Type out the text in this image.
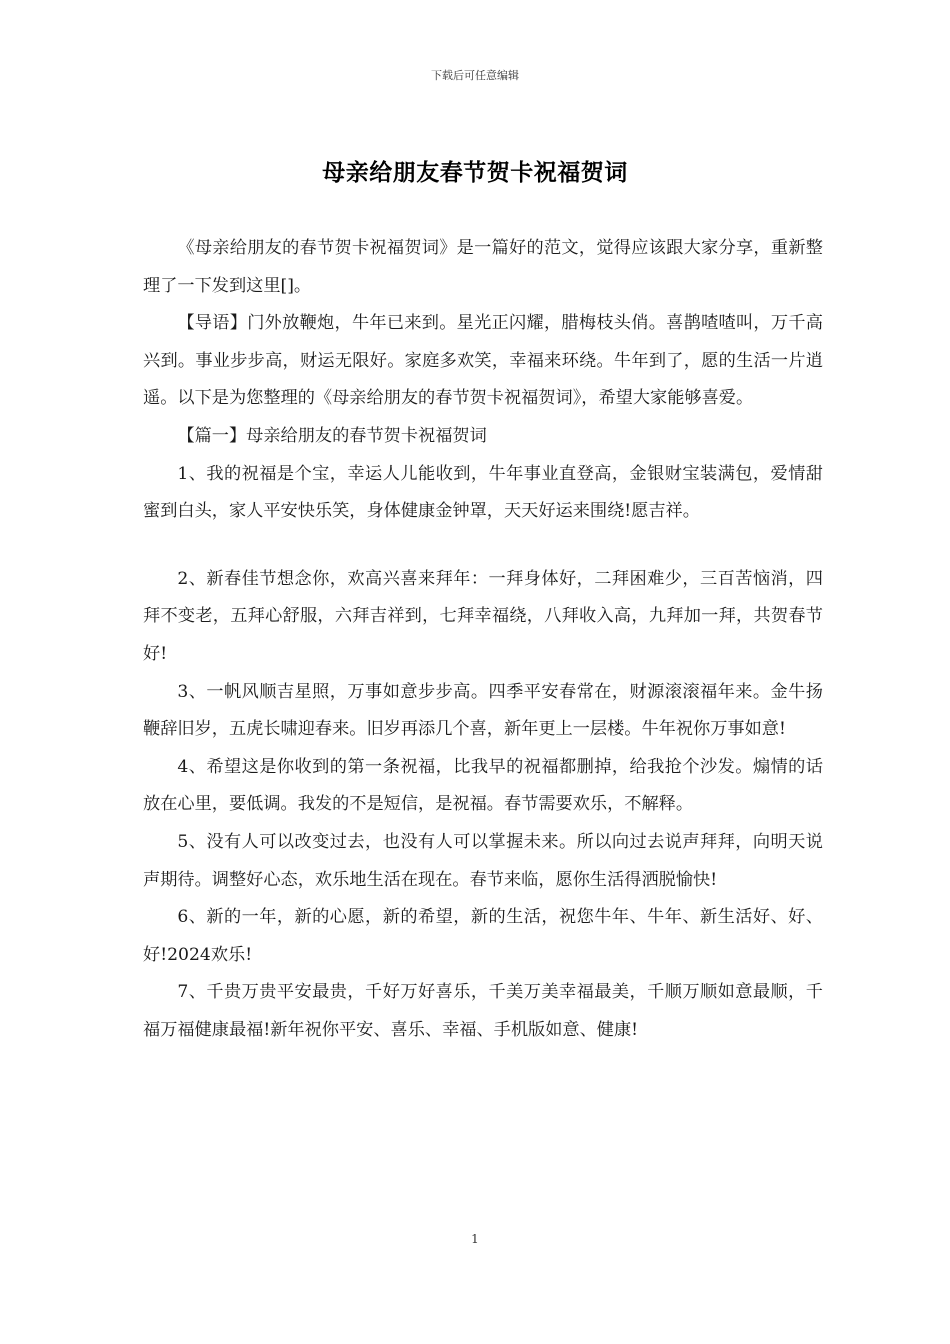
下载后可任意编辑
母亲给朋友春节贺卡祝福贺词

《母亲给朋友的春节贺卡祝福贺词》是一篇好的范文，觉得应该跟大家分享，重新整理了一下发到这里[]。

【导语】门外放鞭炮，牛年已来到。星光正闪耀，腊梅枝头俏。喜鹊喳喳叫，万千高兴到。事业步步高，财运无限好。家庭多欢笑，幸福来环绕。牛年到了，愿的生活一片逍遥。以下是为您整理的《母亲给朋友的春节贺卡祝福贺词》，希望大家能够喜爱。

【篇一】母亲给朋友的春节贺卡祝福贺词

1、我的祝福是个宝，幸运人儿能收到，牛年事业直登高，金银财宝装满包，爱情甜蜜到白头，家人平安快乐笑，身体健康金钟罩，天天好运来围绕!愿吉祥。

2、新春佳节想念你，欢高兴喜来拜年：一拜身体好，二拜困难少，三百苦恼消，四拜不变老，五拜心舒服，六拜吉祥到，七拜幸福绕，八拜收入高，九拜加一拜，共贺春节好!

3、一帆风顺吉星照，万事如意步步高。四季平安春常在，财源滚滚福年来。金牛扬鞭辞旧岁，五虎长啸迎春来。旧岁再添几个喜，新年更上一层楼。牛年祝你万事如意!

4、希望这是你收到的第一条祝福，比我早的祝福都删掉，给我抢个沙发。煽情的话放在心里，要低调。我发的不是短信，是祝福。春节需要欢乐，不解释。

5、没有人可以改变过去，也没有人可以掌握未来。所以向过去说声拜拜，向明天说声期待。调整好心态，欢乐地生活在现在。春节来临，愿你生活得洒脱愉快!

6、新的一年，新的心愿，新的希望，新的生活，祝您牛年、牛年、新生活好、好、好!2024欢乐!

7、千贵万贵平安最贵，千好万好喜乐，千美万美幸福最美，千顺万顺如意最顺，千福万福健康最福!新年祝你平安、喜乐、幸福、手机版如意、健康!

1
